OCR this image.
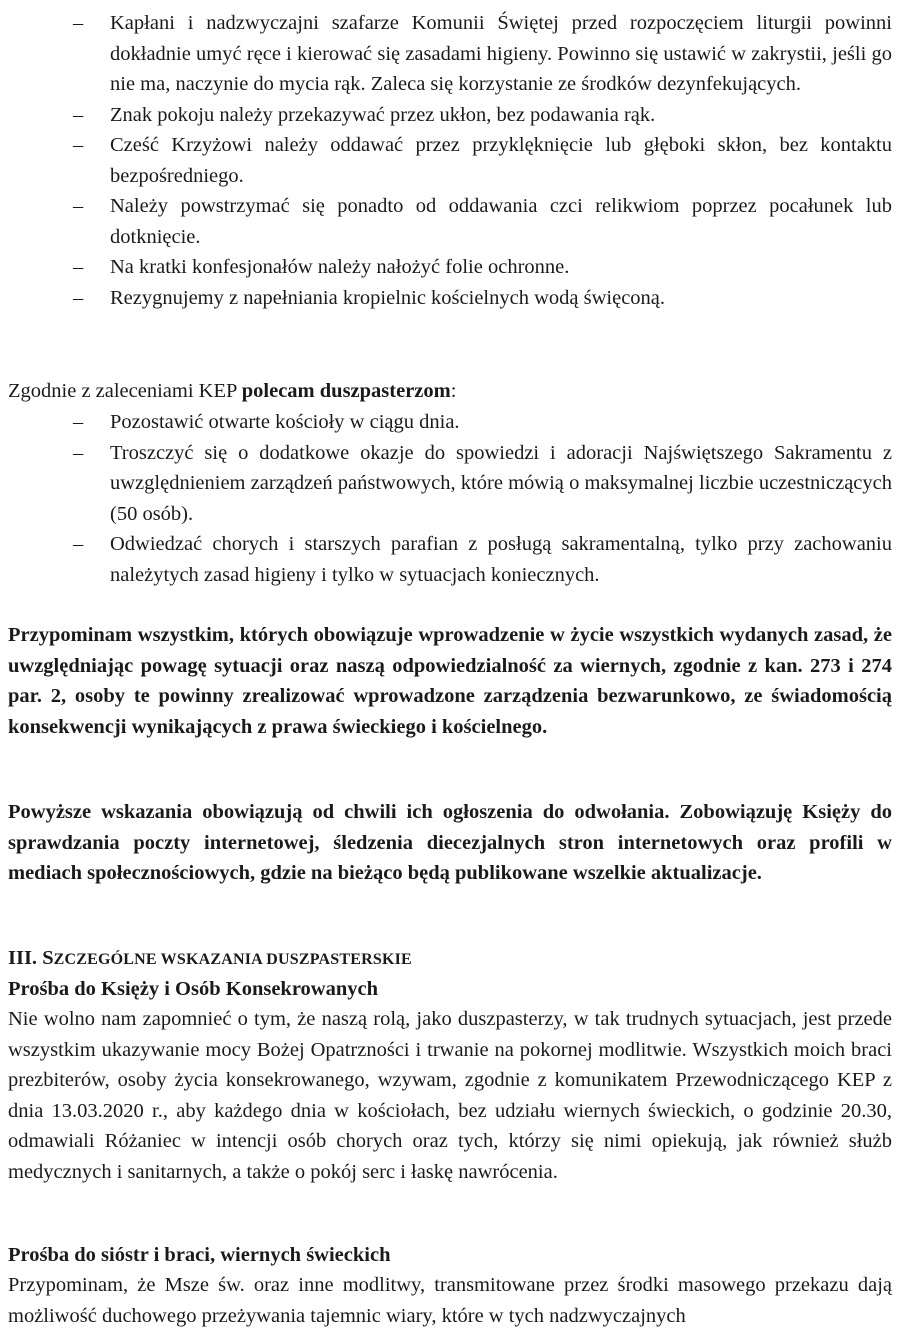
– Kapłani i nadzwyczajni szafarze Komunii Świętej przed rozpoczęciem liturgii powinni dokładnie umyć ręce i kierować się zasadami higieny. Powinno się ustawić w zakrystii, jeśli go nie ma, naczynie do mycia rąk. Zaleca się korzystanie ze środków dezynfekujących.
– Znak pokoju należy przekazywać przez ukłon, bez podawania rąk.
– Cześć Krzyżowi należy oddawać przez przyklęknięcie lub głęboki skłon, bez kontaktu bezpośredniego.
– Należy powstrzymać się ponadto od oddawania czci relikwiom poprzez pocałunek lub dotknięcie.
– Na kratki konfesjonałów należy nałożyć folie ochronne.
– Rezygnujemy z napełniania kropielnic kościelnych wodą święconą.

Zgodnie z zaleceniami KEP polecam duszpasterzom:

– Pozostawić otwarte kościoły w ciągu dnia.
– Troszczyć się o dodatkowe okazje do spowiedzi i adoracji Najświętszego Sakramentu z uwzględnieniem zarządzeń państwowych, które mówią o maksymalnej liczbie uczestniczących (50 osób).
– Odwiedzać chorych i starszych parafian z posługą sakramentalną, tylko przy zachowaniu należytych zasad higieny i tylko w sytuacjach koniecznych.

Przypominam wszystkim, których obowiązuje wprowadzenie w życie wszystkich wydanych zasad, że uwzględniając powagę sytuacji oraz naszą odpowiedzialność za wiernych, zgodnie z kan. 273 i 274 par. 2, osoby te powinny zrealizować wprowadzone zarządzenia bezwarunkowo, ze świadomością konsekwencji wynikających z prawa świeckiego i kościelnego.

Powyższe wskazania obowiązują od chwili ich ogłoszenia do odwołania. Zobowiązuję Księży do sprawdzania poczty internetowej, śledzenia diecezjalnych stron internetowych oraz profili w mediach społecznościowych, gdzie na bieżąco będą publikowane wszelkie aktualizacje.

III. SZCZEGÓLNE WSKAZANIA DUSZPASTERSKIE

Prośba do Księży i Osób Konsekrowanych

Nie wolno nam zapomnieć o tym, że naszą rolą, jako duszpasterzy, w tak trudnych sytuacjach, jest przede wszystkim ukazywanie mocy Bożej Opatrzności i trwanie na pokornej modlitwie. Wszystkich moich braci prezbiterów, osoby życia konsekrowanego, wzywam, zgodnie z komunikatem Przewodniczącego KEP z dnia 13.03.2020 r., aby każdego dnia w kościołach, bez udziału wiernych świeckich, o godzinie 20.30, odmawiali Różaniec w intencji osób chorych oraz tych, którzy się nimi opiekują, jak również służb medycznych i sanitarnych, a także o pokój serc i łaskę nawrócenia.

Prośba do sióstr i braci, wiernych świeckich

Przypominam, że Msze św. oraz inne modlitwy, transmitowane przez środki masowego przekazu dają możliwość duchowego przeżywania tajemnic wiary, które w tych nadzwyczajnych
